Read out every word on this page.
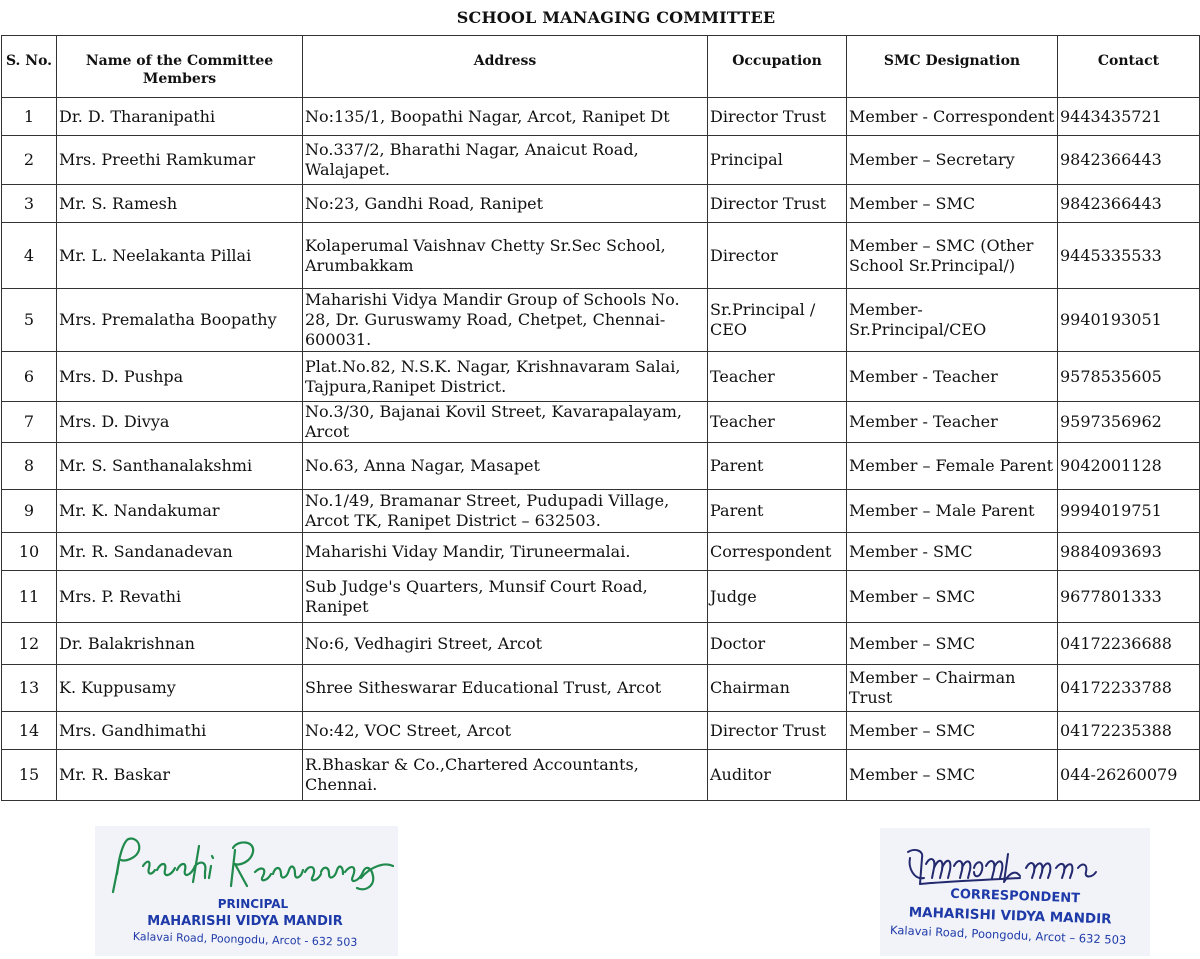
SCHOOL MANAGING COMMITTEE
S. No.	Name of the Committee Members	Address	Occupation	SMC Designation	Contact
1	Dr. D. Tharanipathi	No:135/1, Boopathi Nagar, Arcot, Ranipet Dt	Director Trust	Member - Correspondent	9443435721
2	Mrs. Preethi Ramkumar	No.337/2, Bharathi Nagar, Anaicut Road, Walajapet.	Principal	Member – Secretary	9842366443
3	Mr. S. Ramesh	No:23, Gandhi Road, Ranipet	Director Trust	Member – SMC	9842366443
4	Mr. L. Neelakanta Pillai	Kolaperumal Vaishnav Chetty Sr.Sec School, Arumbakkam	Director	Member – SMC (Other School Sr.Principal/)	9445335533
5	Mrs. Premalatha Boopathy	Maharishi Vidya Mandir Group of Schools No. 28, Dr. Guruswamy Road, Chetpet, Chennai-600031.	Sr.Principal / CEO	Member- Sr.Principal/CEO	9940193051
6	Mrs. D. Pushpa	Plat.No.82, N.S.K. Nagar, Krishnavaram Salai, Tajpura,Ranipet District.	Teacher	Member - Teacher	9578535605
7	Mrs. D. Divya	No.3/30, Bajanai Kovil Street, Kavarapalayam, Arcot	Teacher	Member - Teacher	9597356962
8	Mr. S. Santhanalakshmi	No.63, Anna Nagar, Masapet	Parent	Member – Female Parent	9042001128
9	Mr. K. Nandakumar	No.1/49, Bramanar Street, Pudupadi Village, Arcot TK, Ranipet District – 632503.	Parent	Member – Male Parent	9994019751
10	Mr. R. Sandanadevan	Maharishi Viday Mandir, Tiruneermalai.	Correspondent	Member - SMC	9884093693
11	Mrs. P. Revathi	Sub Judge's Quarters, Munsif Court Road, Ranipet	Judge	Member – SMC	9677801333
12	Dr. Balakrishnan	No:6, Vedhagiri Street, Arcot	Doctor	Member – SMC	04172236688
13	K. Kuppusamy	Shree Sitheswarar Educational Trust, Arcot	Chairman	Member – Chairman Trust	04172233788
14	Mrs. Gandhimathi	No:42, VOC Street, Arcot	Director Trust	Member – SMC	04172235388
15	Mr. R. Baskar	R.Bhaskar & Co.,Chartered Accountants, Chennai.	Auditor	Member – SMC	044-26260079
PRINCIPAL
MAHARISHI VIDYA MANDIR
Kalavai Road, Poongodu, Arcot - 632 503
CORRESPONDENT
MAHARISHI VIDYA MANDIR
Kalavai Road, Poongodu, Arcot – 632 503
